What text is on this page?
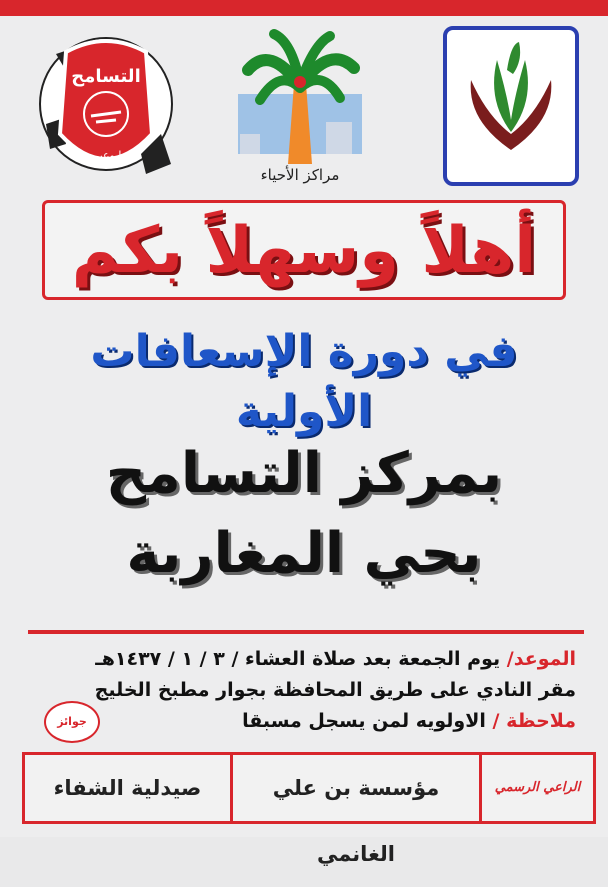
التسامح
ابوعبي
مراكز الأحياء
أهلاً وسهلاً بكم
في دورة الإسعافات الأولية
بمركز التسامح
بحي المغاربة
الموعد/ يوم الجمعة بعد صلاة العشاء / ٣ / ١ / ١٤٣٧هـ
مقر النادي على طريق المحافظة بجوار مطبخ الخليج
ملاحظة / الاولويه لمن يسجل مسبقا
جوائز
صيدلية الشفاء	مؤسسة بن علي الغانمي
الراعي الرسمي
